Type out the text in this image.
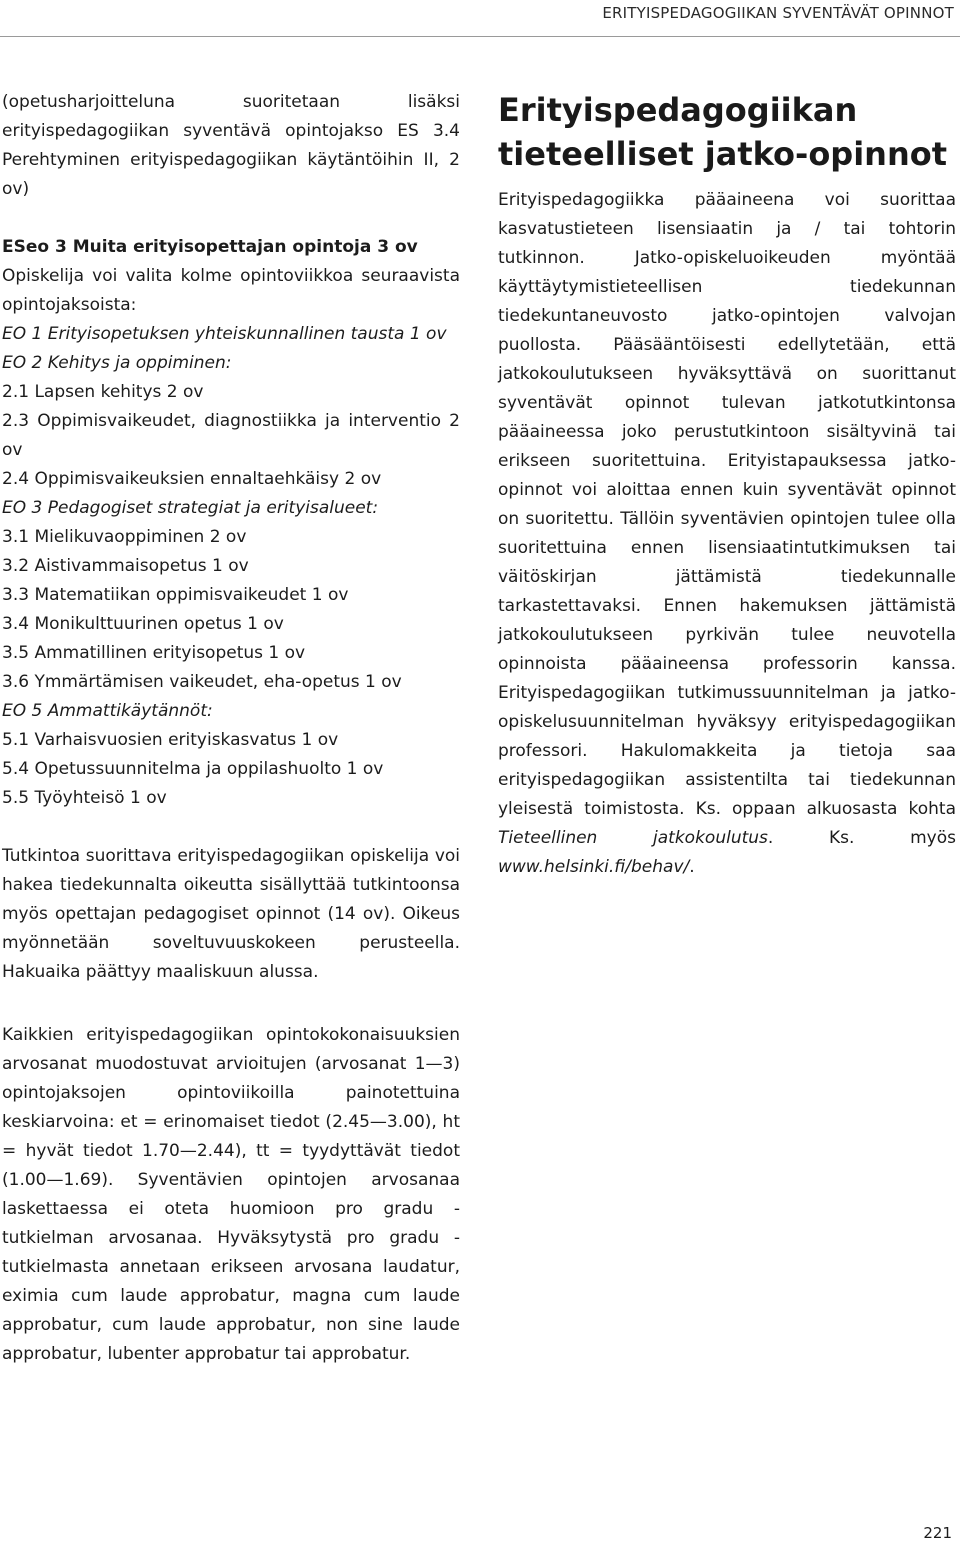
ERITYISPEDAGOGIIKAN SYVENTÄVÄT OPINNOT

(opetusharjoitteluna suoritetaan lisäksi erityispedagogiikan syventävä opintojakso ES 3.4 Perehtyminen erityispedagogiikan käytäntöihin II, 2 ov)

ESeo 3 Muita erityisopettajan opintoja 3 ov

Opiskelija voi valita kolme opintoviikkoa seuraavista opintojaksoista:

EO 1 Erityisopetuksen yhteiskunnallinen tausta 1 ov
EO 2 Kehitys ja oppiminen:
2.1 Lapsen kehitys 2 ov
2.3 Oppimisvaikeudet, diagnostiikka ja interventio 2 ov
2.4 Oppimisvaikeuksien ennaltaehkäisy 2 ov
EO 3 Pedagogiset strategiat ja erityisalueet:
3.1 Mielikuvaoppiminen 2 ov
3.2 Aistivammaisopetus 1 ov
3.3 Matematiikan oppimisvaikeudet 1 ov
3.4 Monikulttuurinen opetus 1 ov
3.5 Ammatillinen erityisopetus 1 ov
3.6 Ymmärtämisen vaikeudet, eha-opetus 1 ov
EO 5 Ammattikäytännöt:
5.1 Varhaisvuosien erityiskasvatus 1 ov
5.4 Opetussuunnitelma ja oppilashuolto 1 ov
5.5 Työyhteisö 1 ov

Tutkintoa suorittava erityispedagogiikan opiskelija voi hakea tiedekunnalta oikeutta sisällyttää tutkintoonsa myös opettajan pedagogiset opinnot (14 ov). Oikeus myönnetään soveltuvuuskokeen perusteella. Hakuaika päättyy maaliskuun alussa.

Kaikkien erityispedagogiikan opintokokonaisuuksien arvosanat muodostuvat arvioitujen (arvosanat 1—3) opintojaksojen opintoviikoilla painotettuina keskiarvoina: et = erinomaiset tiedot (2.45—3.00), ht = hyvät tiedot 1.70—2.44), tt = tyydyttävät tiedot (1.00—1.69). Syventävien opintojen arvosanaa laskettaessa ei oteta huomioon pro gradu -tutkielman arvosanaa. Hyväksytystä pro gradu -tutkielmasta annetaan erikseen arvosana laudatur, eximia cum laude approbatur, magna cum laude approbatur, cum laude approbatur, non sine laude approbatur, lubenter approbatur tai approbatur.

Erityispedagogiikan tieteelliset jatko-opinnot

Erityispedagogiikka pääaineena voi suorittaa kasvatustieteen lisensiaatin ja / tai tohtorin tutkinnon. Jatko-opiskeluoikeuden myöntää käyttäytymistieteellisen tiedekunnan tiedekuntaneuvosto jatko-opintojen valvojan puollosta. Pääsääntöisesti edellytetään, että jatkokoulutukseen hyväksyttävä on suorittanut syventävät opinnot tulevan jatkotutkintonsa pääaineessa joko perustutkintoon sisältyvinä tai erikseen suoritettuina. Erityistapauksessa jatko-opinnot voi aloittaa ennen kuin syventävät opinnot on suoritettu. Tällöin syventävien opintojen tulee olla suoritettuina ennen lisensiaatintutkimuksen tai väitöskirjan jättämistä tiedekunnalle tarkastettavaksi. Ennen hakemuksen jättämistä jatkokoulutukseen pyrkivän tulee neuvotella opinnoista pääaineensa professorin kanssa. Erityispedagogiikan tutkimussuunnitelman ja jatko-opiskelusuunnitelman hyväksyy erityispedagogiikan professori. Hakulomakkeita ja tietoja saa erityispedagogiikan assistentilta tai tiedekunnan yleisestä toimistosta. Ks. oppaan alkuosasta kohta Tieteellinen jatkokoulutus. Ks. myös www.helsinki.fi/behav/.

221
